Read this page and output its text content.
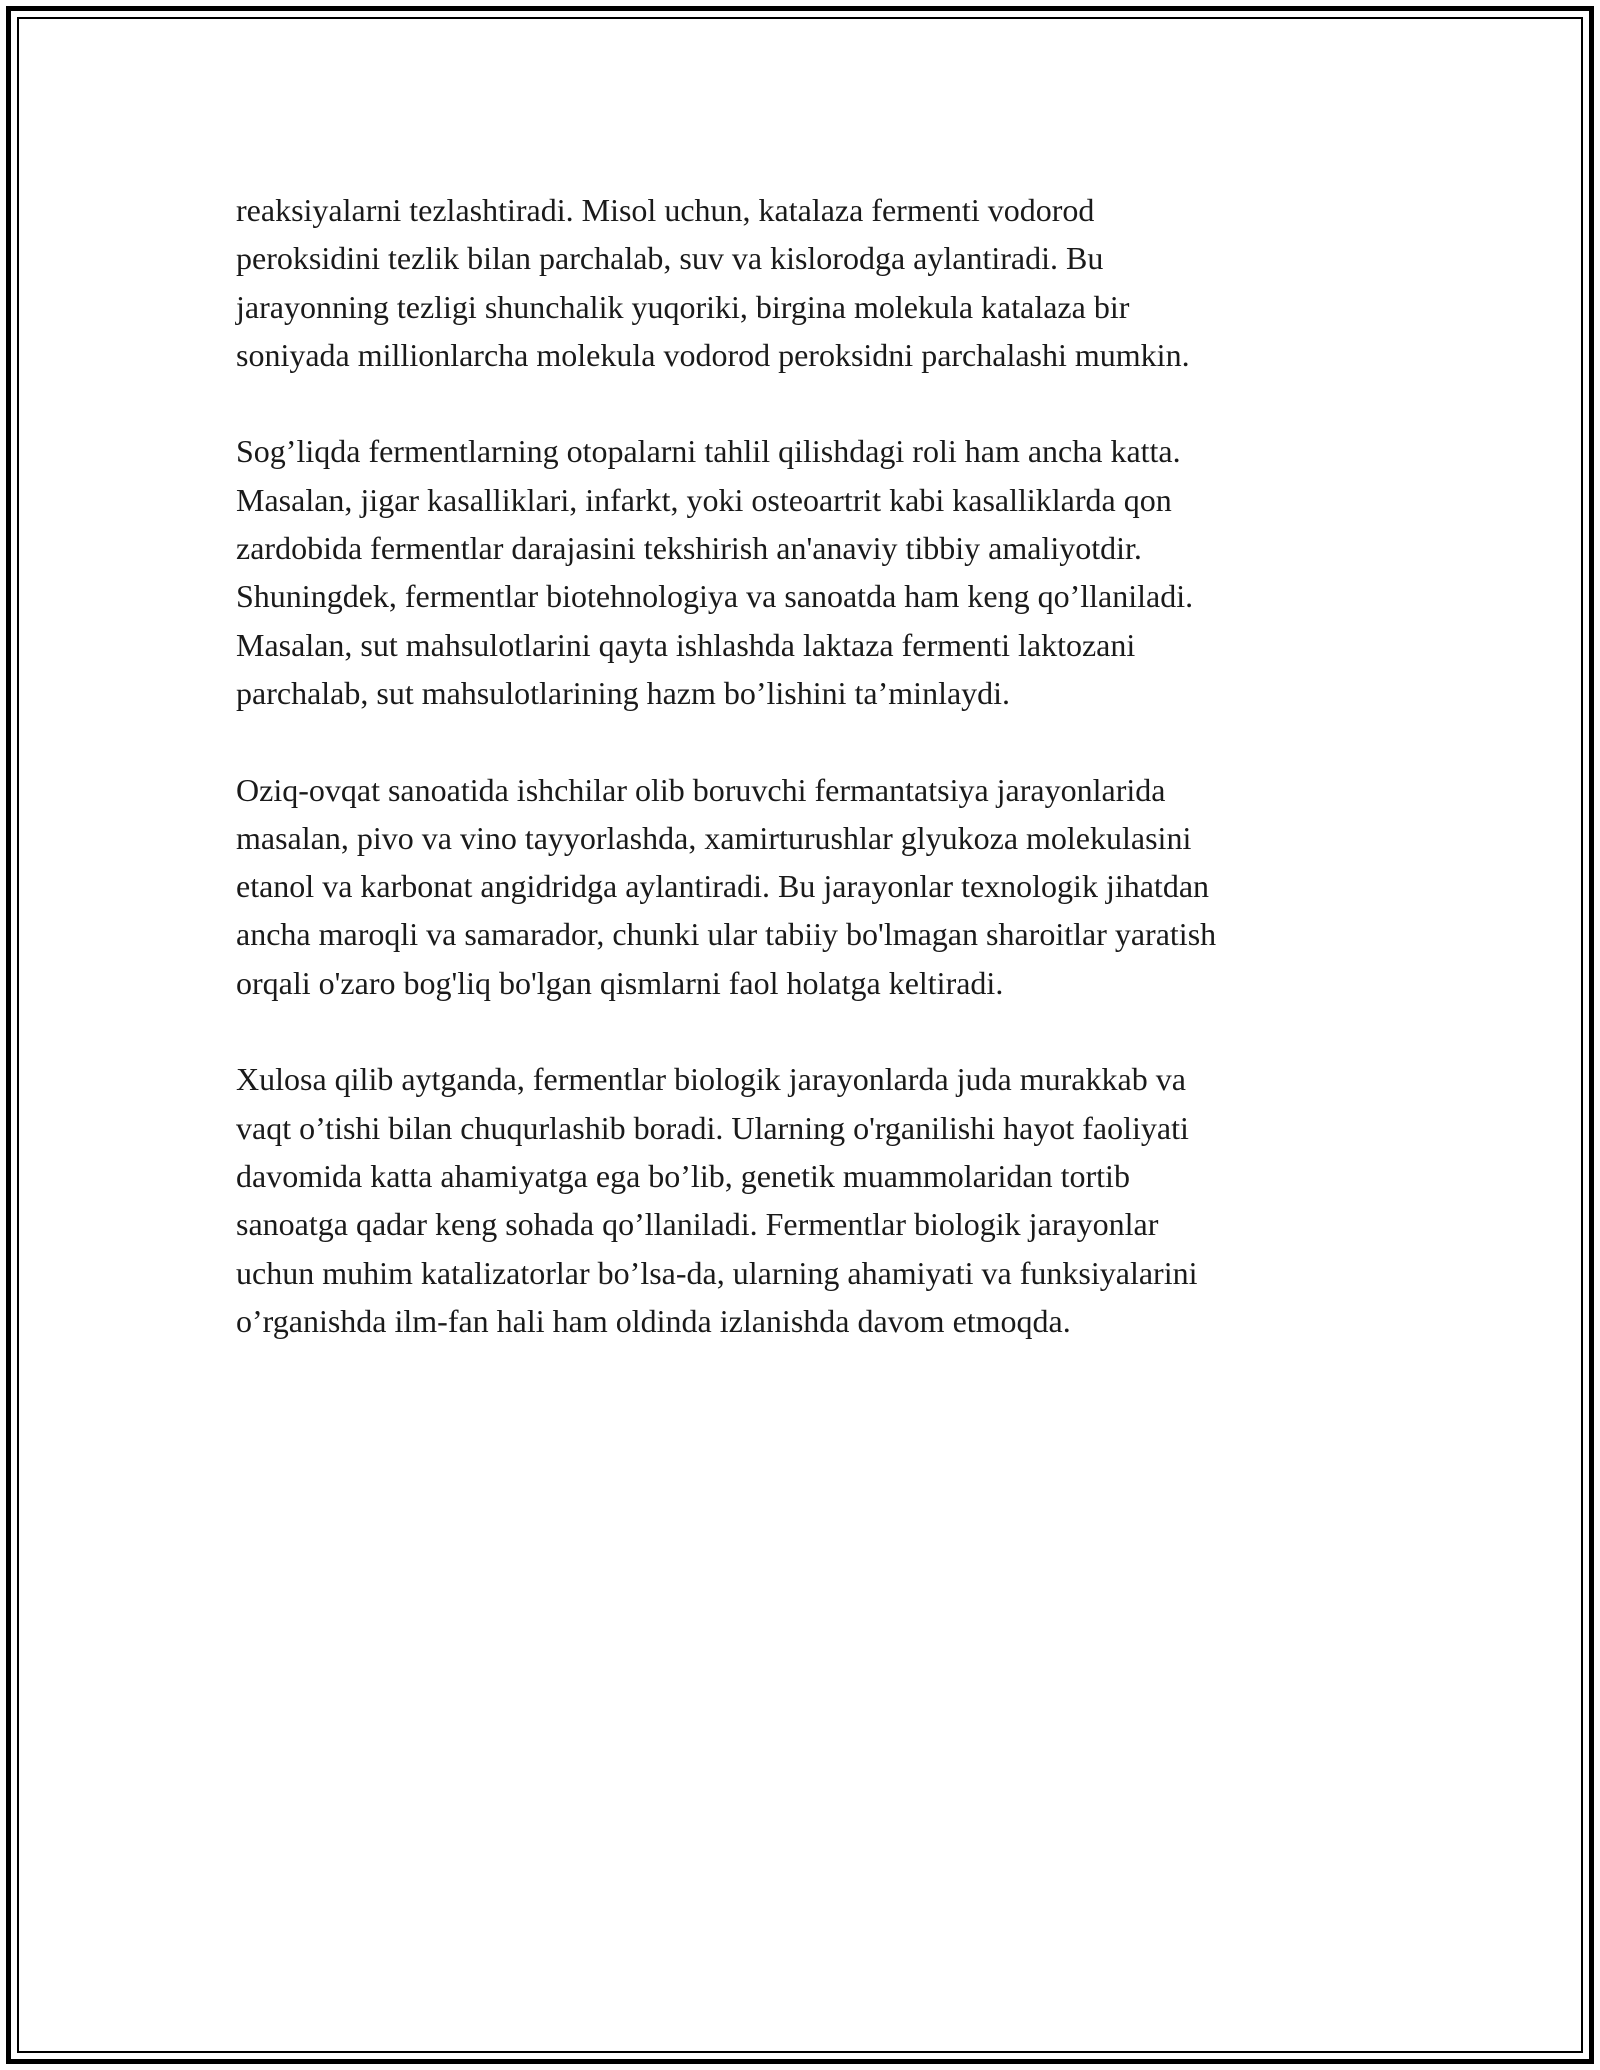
reaksiyalarni tezlashtiradi. Misol uchun, katalaza fermenti vodorod
peroksidini tezlik bilan parchalab, suv va kislorodga aylantiradi. Bu
jarayonning tezligi shunchalik yuqoriki, birgina molekula katalaza bir
soniyada millionlarcha molekula vodorod peroksidni parchalashi mumkin.

Sog’liqda fermentlarning otopalarni tahlil qilishdagi roli ham ancha katta.
Masalan, jigar kasalliklari, infarkt, yoki osteoartrit kabi kasalliklarda qon
zardobida fermentlar darajasini tekshirish an'anaviy tibbiy amaliyotdir.
Shuningdek, fermentlar biotehnologiya va sanoatda ham keng qo’llaniladi.
Masalan, sut mahsulotlarini qayta ishlashda laktaza fermenti laktozani
parchalab, sut mahsulotlarining hazm bo’lishini ta’minlaydi.

Oziq-ovqat sanoatida ishchilar olib boruvchi fermantatsiya jarayonlarida
masalan, pivo va vino tayyorlashda, xamirturushlar glyukoza molekulasini
etanol va karbonat angidridga aylantiradi. Bu jarayonlar texnologik jihatdan
ancha maroqli va samarador, chunki ular tabiiy bo'lmagan sharoitlar yaratish
orqali o'zaro bog'liq bo'lgan qismlarni faol holatga keltiradi.

Xulosa qilib aytganda, fermentlar biologik jarayonlarda juda murakkab va
vaqt o’tishi bilan chuqurlashib boradi. Ularning o'rganilishi hayot faoliyati
davomida katta ahamiyatga ega bo’lib, genetik muammolaridan tortib
sanoatga qadar keng sohada qo’llaniladi. Fermentlar biologik jarayonlar
uchun muhim katalizatorlar bo’lsa-da, ularning ahamiyati va funksiyalarini
o’rganishda ilm-fan hali ham oldinda izlanishda davom etmoqda.
